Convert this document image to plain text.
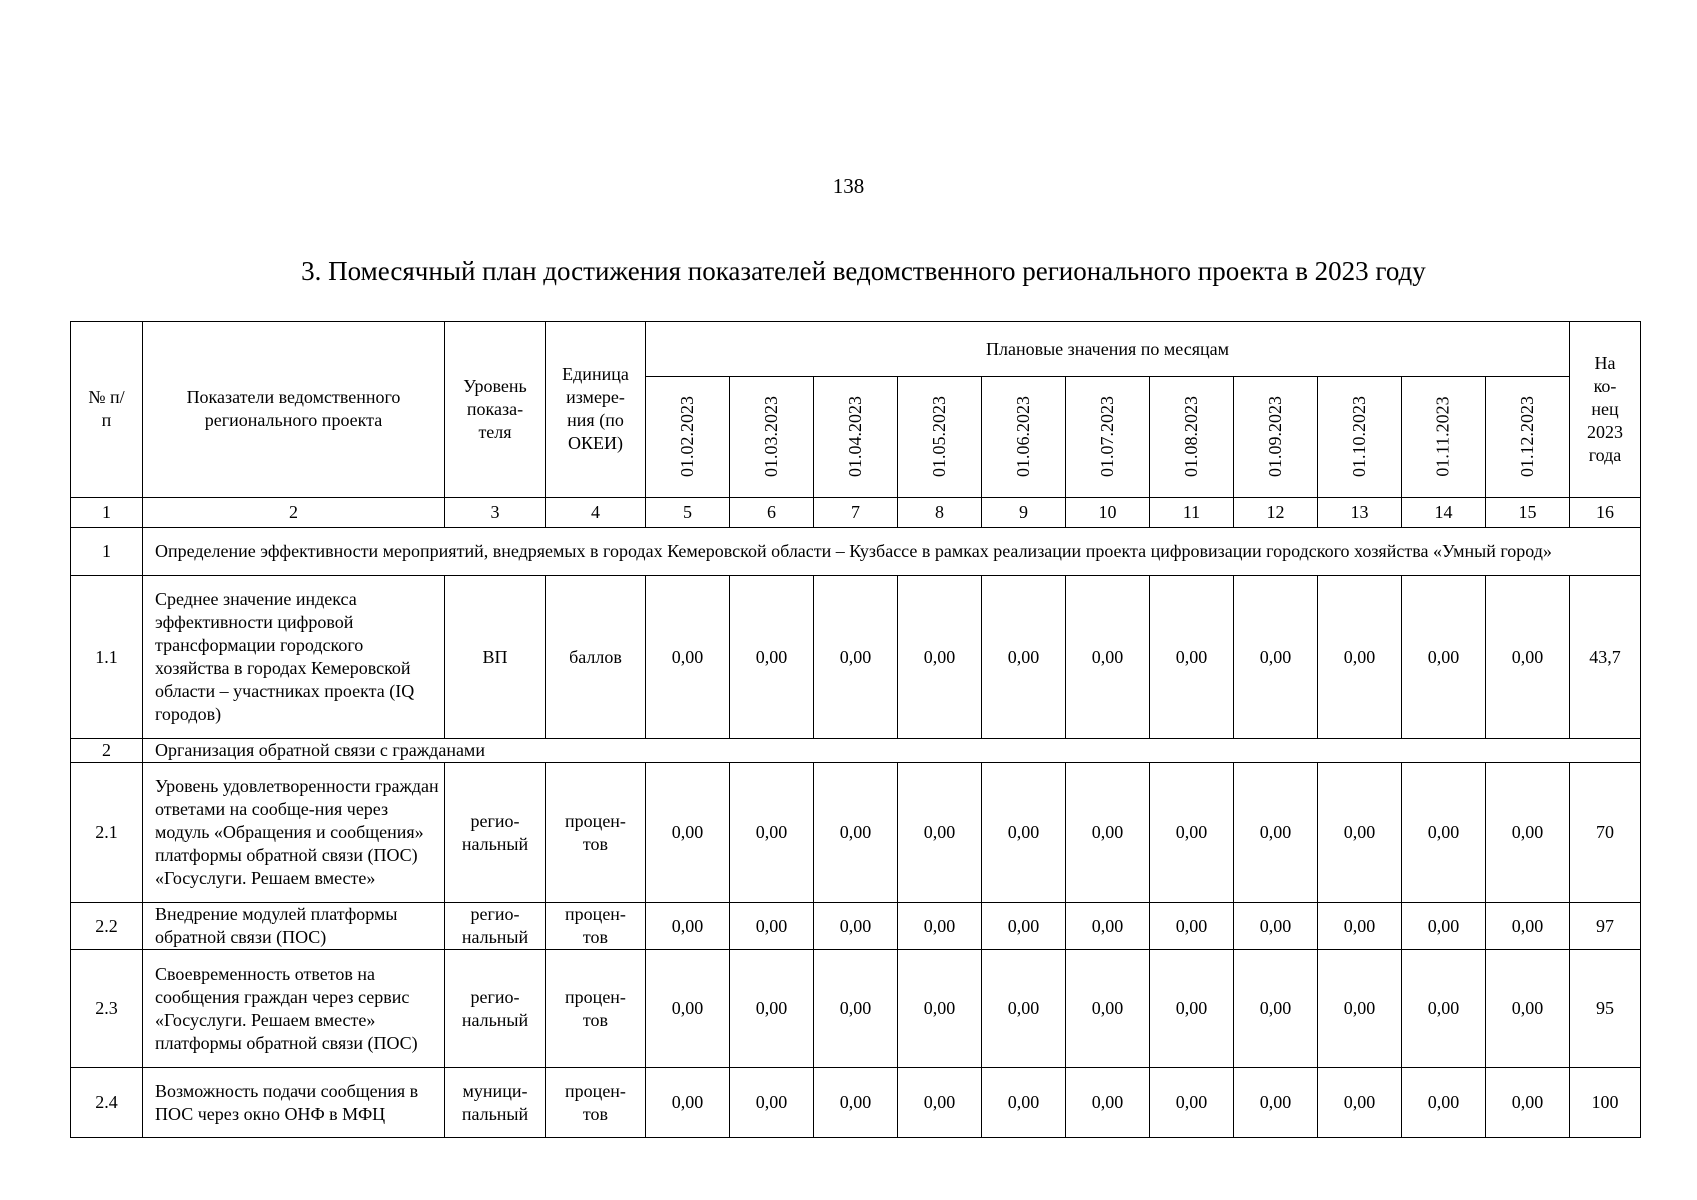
138
3. Помесячный план достижения показателей ведомственного регионального проекта в 2023 году
№ п/п	Показатели ведомственного регионального проекта	Уровень показа-теля	Единица измере-ния (по ОКЕИ)	Плановые значения по месяцам											На ко-нец 2023 года

				01.02.2023	01.03.2023	01.04.2023	01.05.2023	01.06.2023	01.07.2023	01.08.2023	01.09.2023	01.10.2023	01.11.2023	01.12.2023	
1	2	3	4	5	6	7	8	9	10	11	12	13	14	15	16
1	Определение эффективности мероприятий, внедряемых в городах Кемеровской области – Кузбассе в рамках реализации проекта цифровизации городского хозяйства «Умный город»														
1.1	Среднее значение индекса эффективности цифровой трансформации городского хозяйства в городах Кемеровской области – участниках проекта (IQ городов)	ВП	баллов	0,00	0,00	0,00	0,00	0,00	0,00	0,00	0,00	0,00	0,00	0,00	43,7
2	Организация обратной связи с гражданами														
2.1	Уровень удовлетворенности граждан ответами на сообще-ния через модуль «Обращения и сообщения» платформы обратной связи (ПОС) «Госуслуги. Решаем вместе»	регио-нальный	процен-тов	0,00	0,00	0,00	0,00	0,00	0,00	0,00	0,00	0,00	0,00	0,00	70
2.2	Внедрение модулей платформы обратной связи (ПОС)	регио-нальный	процен-тов	0,00	0,00	0,00	0,00	0,00	0,00	0,00	0,00	0,00	0,00	0,00	97
2.3	Своевременность ответов на сообщения граждан через сервис «Госуслуги. Решаем вместе» платформы обратной связи (ПОС)	регио-нальный	процен-тов	0,00	0,00	0,00	0,00	0,00	0,00	0,00	0,00	0,00	0,00	0,00	95
2.4	Возможность подачи сообщения в ПОС через окно ОНФ в МФЦ	муници-пальный	процен-тов	0,00	0,00	0,00	0,00	0,00	0,00	0,00	0,00	0,00	0,00	0,00	100
